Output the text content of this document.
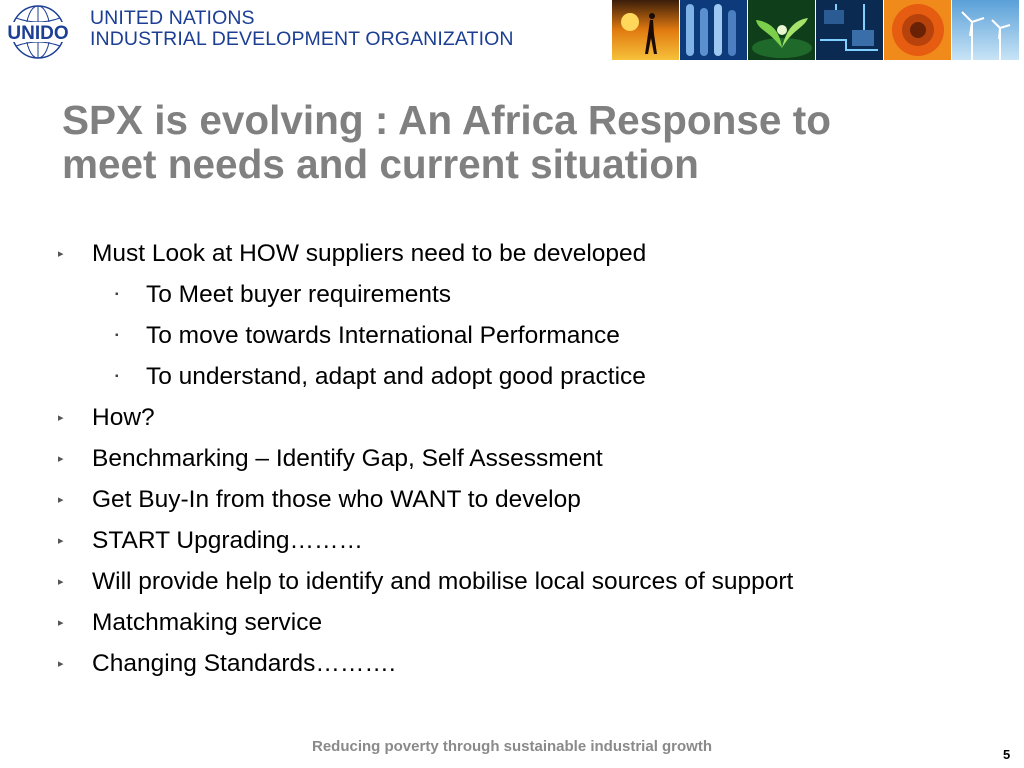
UNIDO
UNITED NATIONS
INDUSTRIAL DEVELOPMENT ORGANIZATION
SPX is evolving : An Africa Response to
meet needs and current situation
▸ Must Look at HOW suppliers need to be developed
▪ To Meet buyer requirements
▪ To move towards International Performance
▪ To understand, adapt and adopt good practice
▸ How?
▸ Benchmarking – Identify Gap, Self Assessment
▸ Get Buy-In from those who WANT to develop
▸ START Upgrading………
▸ Will provide help to identify and mobilise local sources of support
▸ Matchmaking service
▸ Changing Standards……….
Reducing poverty through sustainable industrial growth	5
